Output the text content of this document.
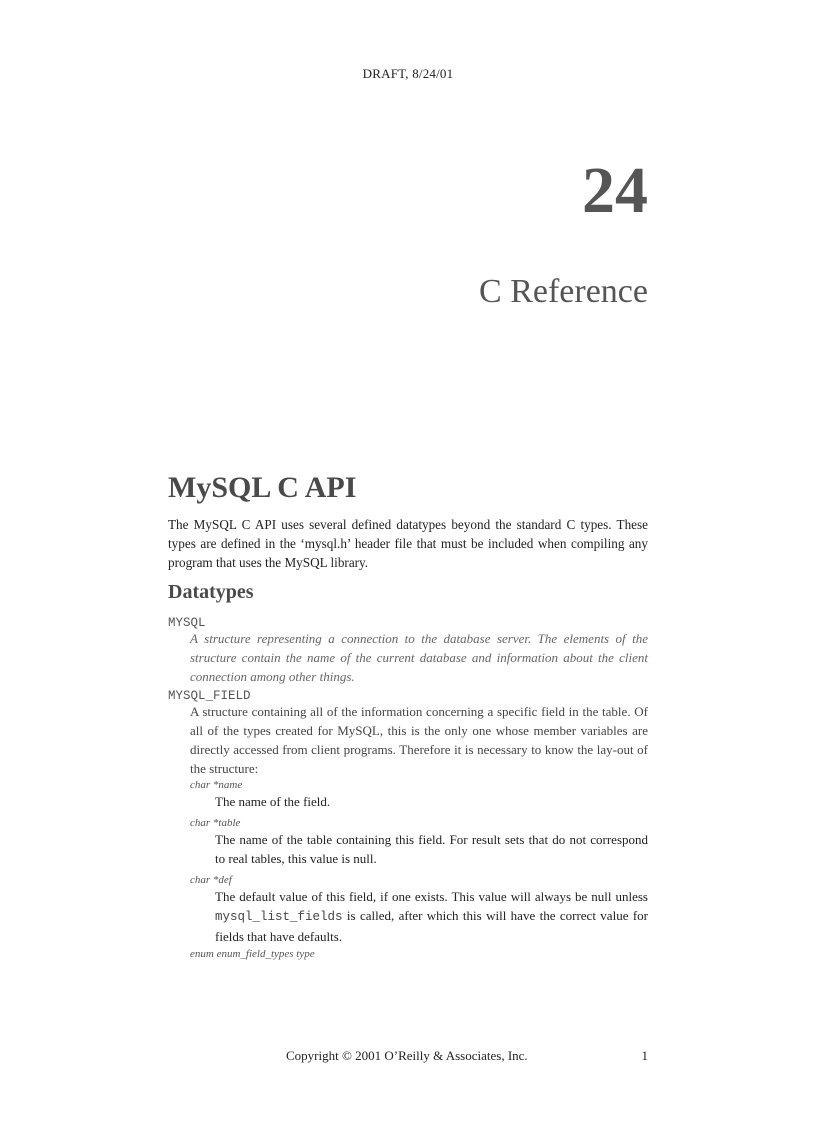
DRAFT, 8/24/01
24
C Reference
MySQL C API
The MySQL C API uses several defined datatypes beyond the standard C types. These types are defined in the ‘mysql.h’ header file that must be included when compiling any program that uses the MySQL library.
Datatypes
MYSQL
A structure representing a connection to the database server. The elements of the structure contain the name of the current database and information about the client connection among other things.
MYSQL_FIELD
A structure containing all of the information concerning a specific field in the table. Of all of the types created for MySQL, this is the only one whose member variables are directly accessed from client programs. Therefore it is necessary to know the lay-out of the structure:
char *name
The name of the field.
char *table
The name of the table containing this field. For result sets that do not correspond to real tables, this value is null.
char *def
The default value of this field, if one exists. This value will always be null unless mysql_list_fields is called, after which this will have the correct value for fields that have defaults.
enum enum_field_types type
Copyright © 2001 O’Reilly & Associates, Inc.	1
